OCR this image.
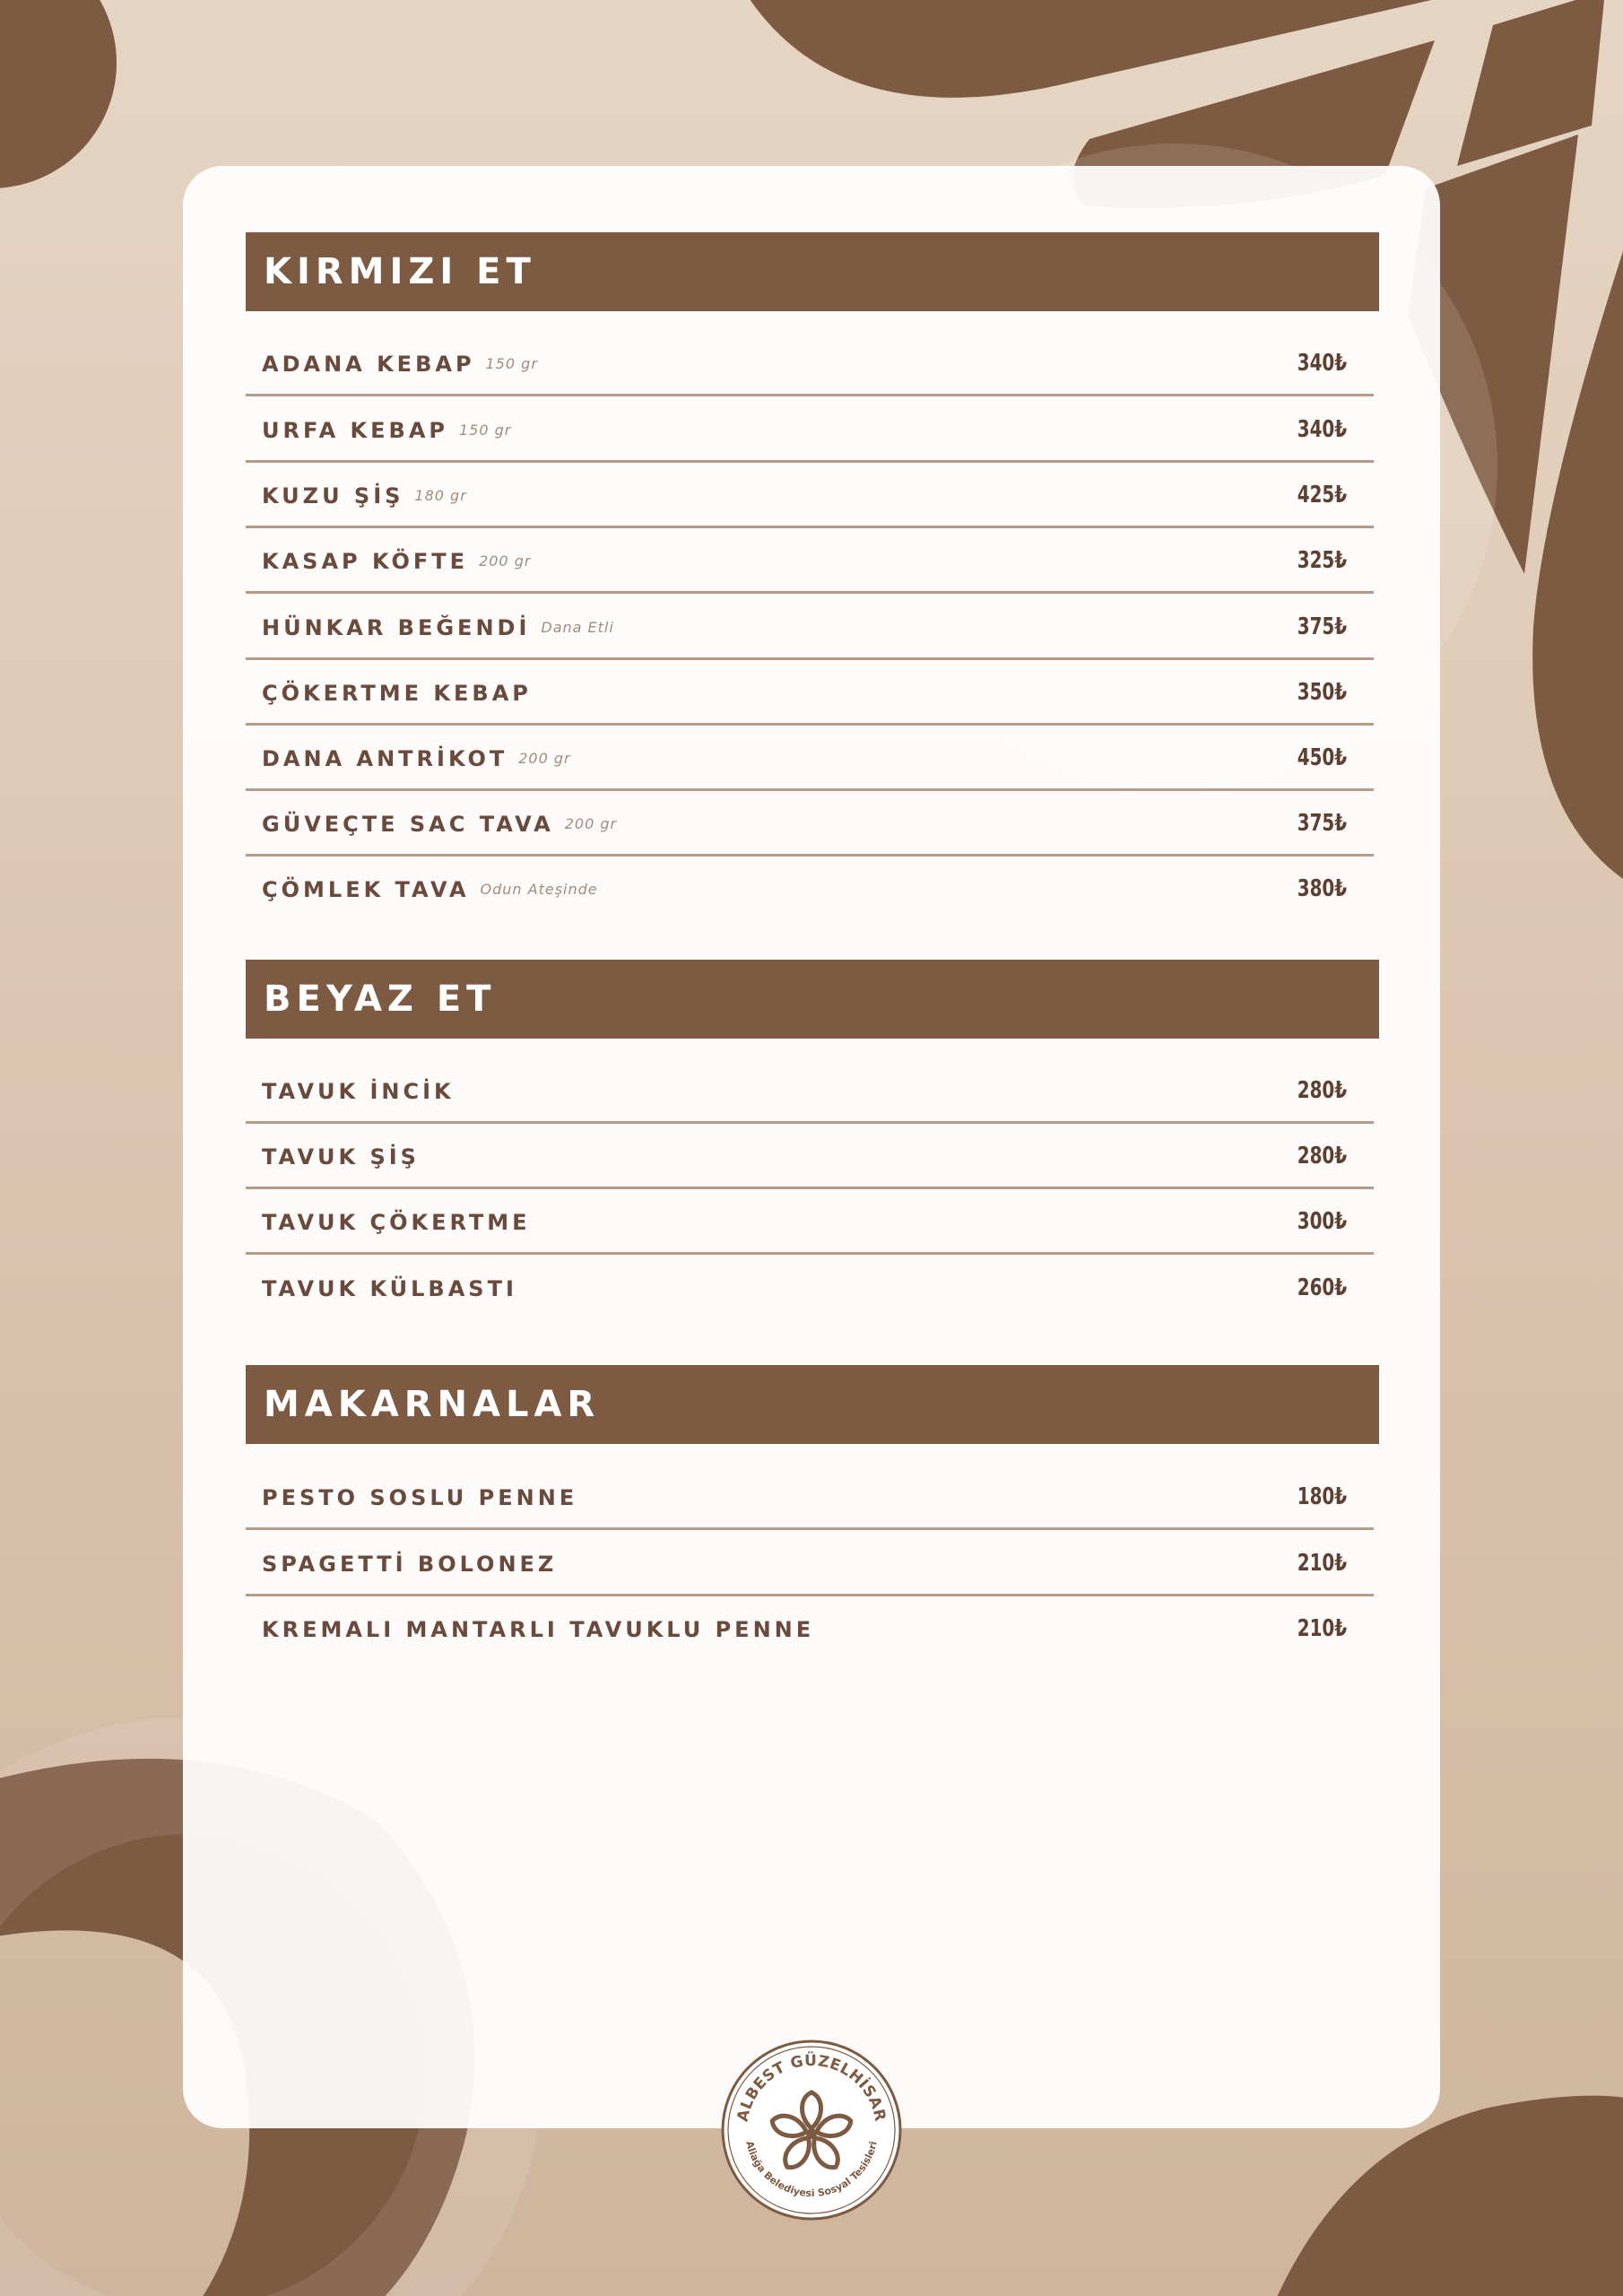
KIRMIZI ET
ADANA KEBAP 150 gr	340₺
URFA KEBAP 150 gr	340₺
KUZU ŞİŞ 180 gr	425₺
KASAP KÖFTE 200 gr	325₺
HÜNKAR BEĞENDİ Dana Etli	375₺
ÇÖKERTME KEBAP	350₺
DANA ANTRİKOT 200 gr	450₺
GÜVEÇTE SAC TAVA 200 gr	375₺
ÇÖMLEK TAVA Odun Ateşinde	380₺
BEYAZ ET
TAVUK İNCİK	280₺
TAVUK ŞİŞ	280₺
TAVUK ÇÖKERTME	300₺
TAVUK KÜLBASTI	260₺
MAKARNALAR
PESTO SOSLU PENNE	180₺
SPAGETTİ BOLONEZ	210₺
KREMALI MANTARLI TAVUKLU PENNE	210₺
ALBEST GÜZELHİSAR
Aliağa Belediyesi Sosyal Tesisleri
